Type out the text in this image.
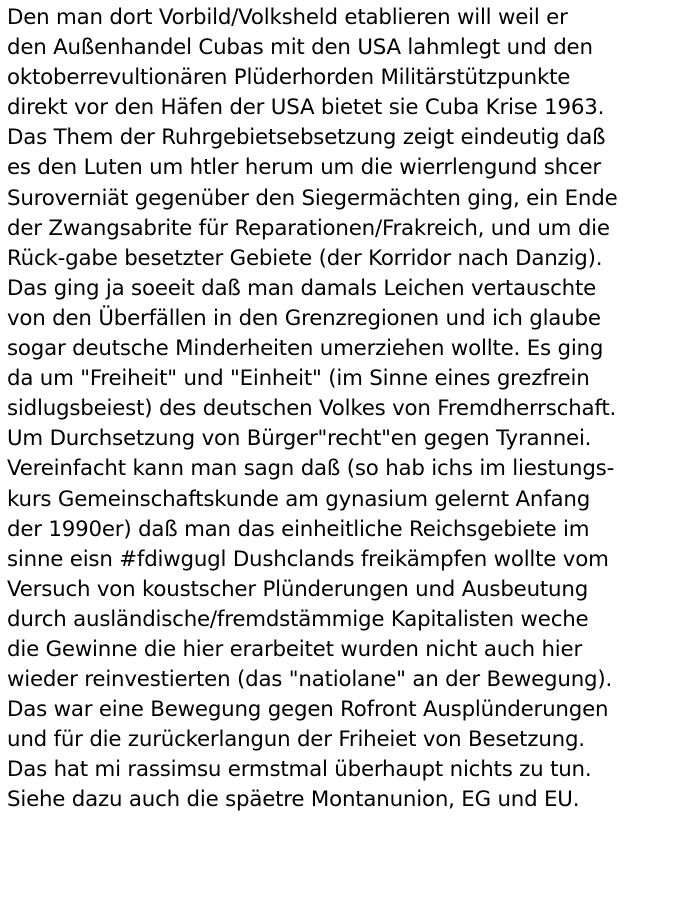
Den man dort Vorbild/Volksheld etablieren will weil er

den Außenhandel Cubas mit den USA lahmlegt und den

oktoberrevultionären Plüderhorden Militärstützpunkte

direkt vor den Häfen der USA bietet sie Cuba Krise 1963.

Das Them der Ruhrgebietsebsetzung zeigt eindeutig daß

es den Luten um htler herum um die wierrlengund shcer

Suroverniät gegenüber den Siegermächten ging, ein Ende

der Zwangsabrite für Reparationen/Frakreich, und um die

Rück-gabe besetzter Gebiete (der Korridor nach Danzig).

Das ging ja soeeit daß man damals Leichen vertauschte

von den Überfällen in den Grenzregionen und ich glaube

sogar deutsche Minderheiten umerziehen wollte. Es ging

da um "Freiheit" und "Einheit" (im Sinne eines grezfrein

sidlugsbeiest) des deutschen Volkes von Fremdherrschaft.

Um Durchsetzung von Bürger"recht"en gegen Tyrannei.

Vereinfacht kann man sagn daß (so hab ichs im liestungs-

kurs Gemeinschaftskunde am gynasium gelernt Anfang

der 1990er) daß man das einheitliche Reichsgebiete im

sinne eisn #fdiwgugl Dushclands freikämpfen wollte vom

Versuch von koustscher Plünderungen und Ausbeutung

durch ausländische/fremdstämmige Kapitalisten weche

die Gewinne die hier erarbeitet wurden nicht auch hier

wieder reinvestierten (das "natiolane" an der Bewegung).

Das war eine Bewegung gegen Rofront Ausplünderungen

und für die zurückerlangun der Friheiet von Besetzung.

Das hat mi rassimsu ermstmal überhaupt nichts zu tun.

Siehe dazu auch die späetre Montanunion, EG und EU.
